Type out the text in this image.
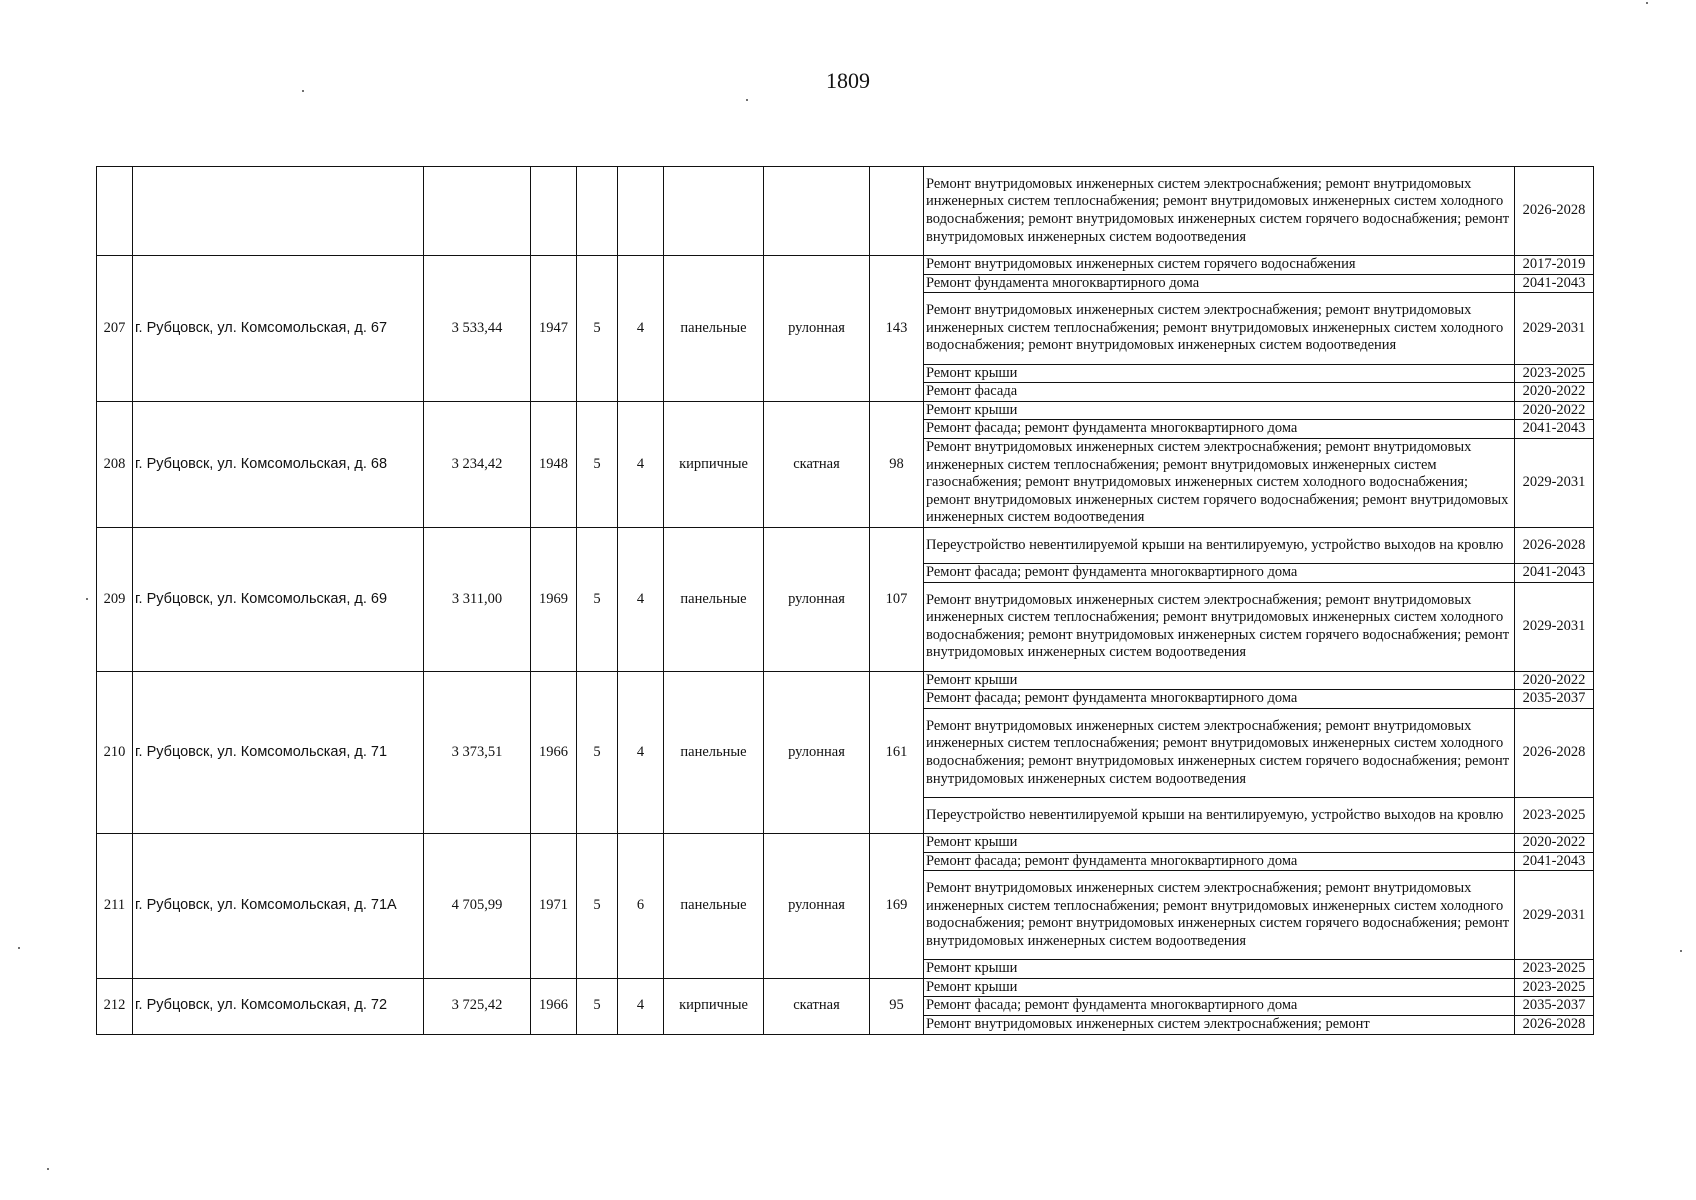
1809
									Ремонт внутридомовых инженерных систем электроснабжения; ремонт внутридомовых инженерных систем теплоснабжения; ремонт внутридомовых инженерных систем холодного водоснабжения; ремонт внутридомовых инженерных систем горячего водоснабжения; ремонт внутридомовых инженерных систем водоотведения	2026-2028
207	г. Рубцовск, ул. Комсомольская, д. 67	3 533,44	1947	5	4	панельные	рулонная	143	Ремонт внутридомовых инженерных систем горячего водоснабжения	2017-2019
									Ремонт фундамента многоквартирного дома	2041-2043
									Ремонт внутридомовых инженерных систем электроснабжения; ремонт внутридомовых инженерных систем теплоснабжения; ремонт внутридомовых инженерных систем холодного водоснабжения; ремонт внутридомовых инженерных систем водоотведения	2029-2031
									Ремонт крыши	2023-2025
									Ремонт фасада	2020-2022
208	г. Рубцовск, ул. Комсомольская, д. 68	3 234,42	1948	5	4	кирпичные	скатная	98	Ремонт крыши	2020-2022
									Ремонт фасада; ремонт фундамента многоквартирного дома	2041-2043
									Ремонт внутридомовых инженерных систем электроснабжения; ремонт внутридомовых инженерных систем теплоснабжения; ремонт внутридомовых инженерных систем газоснабжения; ремонт внутридомовых инженерных систем холодного водоснабжения; ремонт внутридомовых инженерных систем горячего водоснабжения; ремонт внутридомовых инженерных систем водоотведения	2029-2031
209	г. Рубцовск, ул. Комсомольская, д. 69	3 311,00	1969	5	4	панельные	рулонная	107	Переустройство невентилируемой крыши на вентилируемую, устройство выходов на кровлю	2026-2028
									Ремонт фасада; ремонт фундамента многоквартирного дома	2041-2043
									Ремонт внутридомовых инженерных систем электроснабжения; ремонт внутридомовых инженерных систем теплоснабжения; ремонт внутридомовых инженерных систем холодного водоснабжения; ремонт внутридомовых инженерных систем горячего водоснабжения; ремонт внутридомовых инженерных систем водоотведения	2029-2031
210	г. Рубцовск, ул. Комсомольская, д. 71	3 373,51	1966	5	4	панельные	рулонная	161	Ремонт крыши	2020-2022
									Ремонт фасада; ремонт фундамента многоквартирного дома	2035-2037
									Ремонт внутридомовых инженерных систем электроснабжения; ремонт внутридомовых инженерных систем теплоснабжения; ремонт внутридомовых инженерных систем холодного водоснабжения; ремонт внутридомовых инженерных систем горячего водоснабжения; ремонт внутридомовых инженерных систем водоотведения	2026-2028
									Переустройство невентилируемой крыши на вентилируемую, устройство выходов на кровлю	2023-2025
211	г. Рубцовск, ул. Комсомольская, д. 71А	4 705,99	1971	5	6	панельные	рулонная	169	Ремонт крыши	2020-2022
									Ремонт фасада; ремонт фундамента многоквартирного дома	2041-2043
									Ремонт внутридомовых инженерных систем электроснабжения; ремонт внутридомовых инженерных систем теплоснабжения; ремонт внутридомовых инженерных систем холодного водоснабжения; ремонт внутридомовых инженерных систем горячего водоснабжения; ремонт внутридомовых инженерных систем водоотведения	2029-2031
									Ремонт крыши	2023-2025
212	г. Рубцовск, ул. Комсомольская, д. 72	3 725,42	1966	5	4	кирпичные	скатная	95	Ремонт крыши	2023-2025
									Ремонт фасада; ремонт фундамента многоквартирного дома	2035-2037
									Ремонт внутридомовых инженерных систем электроснабжения; ремонт	2026-2028
